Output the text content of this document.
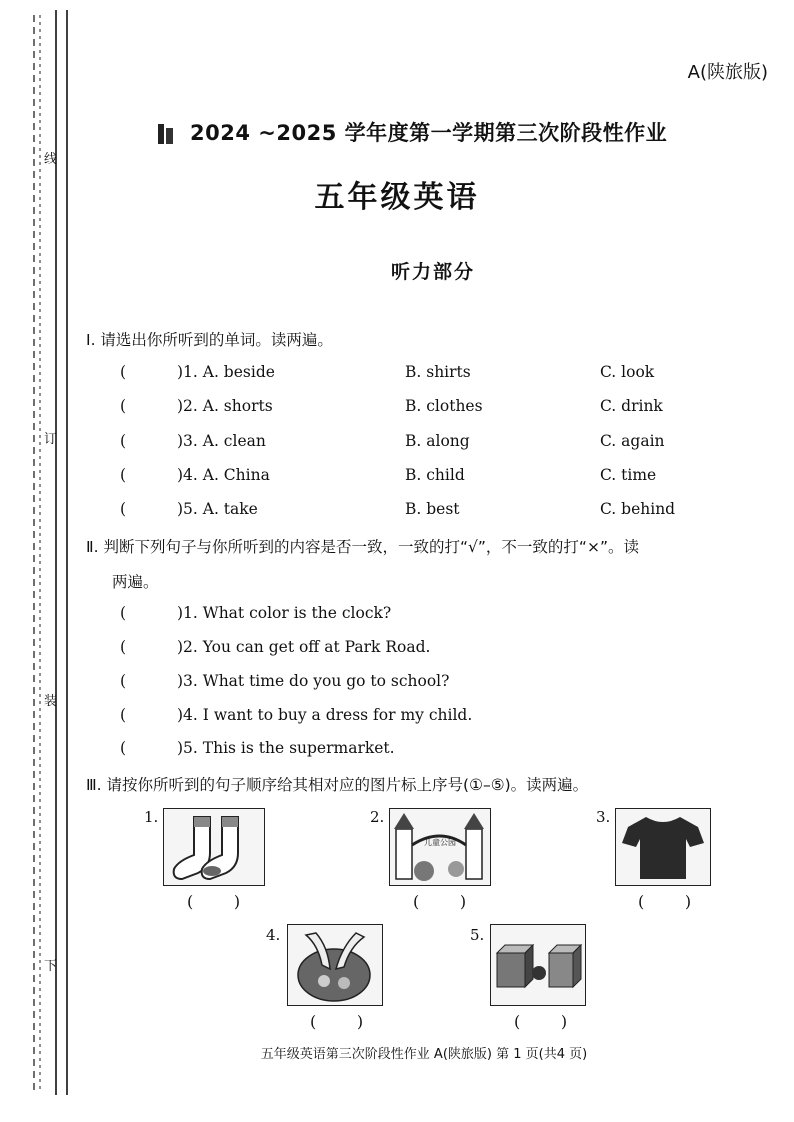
线
订
装
下
A(陕旅版)
2024 ~2025 学年度第一学期第三次阶段性作业
五年级英语
听力部分
Ⅰ. 请选出你所听到的单词。读两遍。
(	)1. A. beside	B. shirts	C. look
(	)2. A. shorts	B. clothes	C. drink
(	)3. A. clean	B. along	C. again
(	)4. A. China	B. child	C. time
(	)5. A. take	B. best	C. behind
Ⅱ. 判断下列句子与你所听到的内容是否一致，一致的打“√”，不一致的打“×”。读
两遍。
(	)1. What color is the clock?
(	)2. You can get off at Park Road.
(	)3. What time do you go to school?
(	)4. I want to buy a dress for my child.
(	)5. This is the supermarket.
Ⅲ. 请按你所听到的句子顺序给其相对应的图片标上序号(①–⑤)。读两遍。
1.
(        )
2.
儿童公园
(        )
3.
(        )
4.
(        )
5.
(        )
五年级英语第三次阶段性作业 A(陕旅版) 第 1 页(共4 页)
